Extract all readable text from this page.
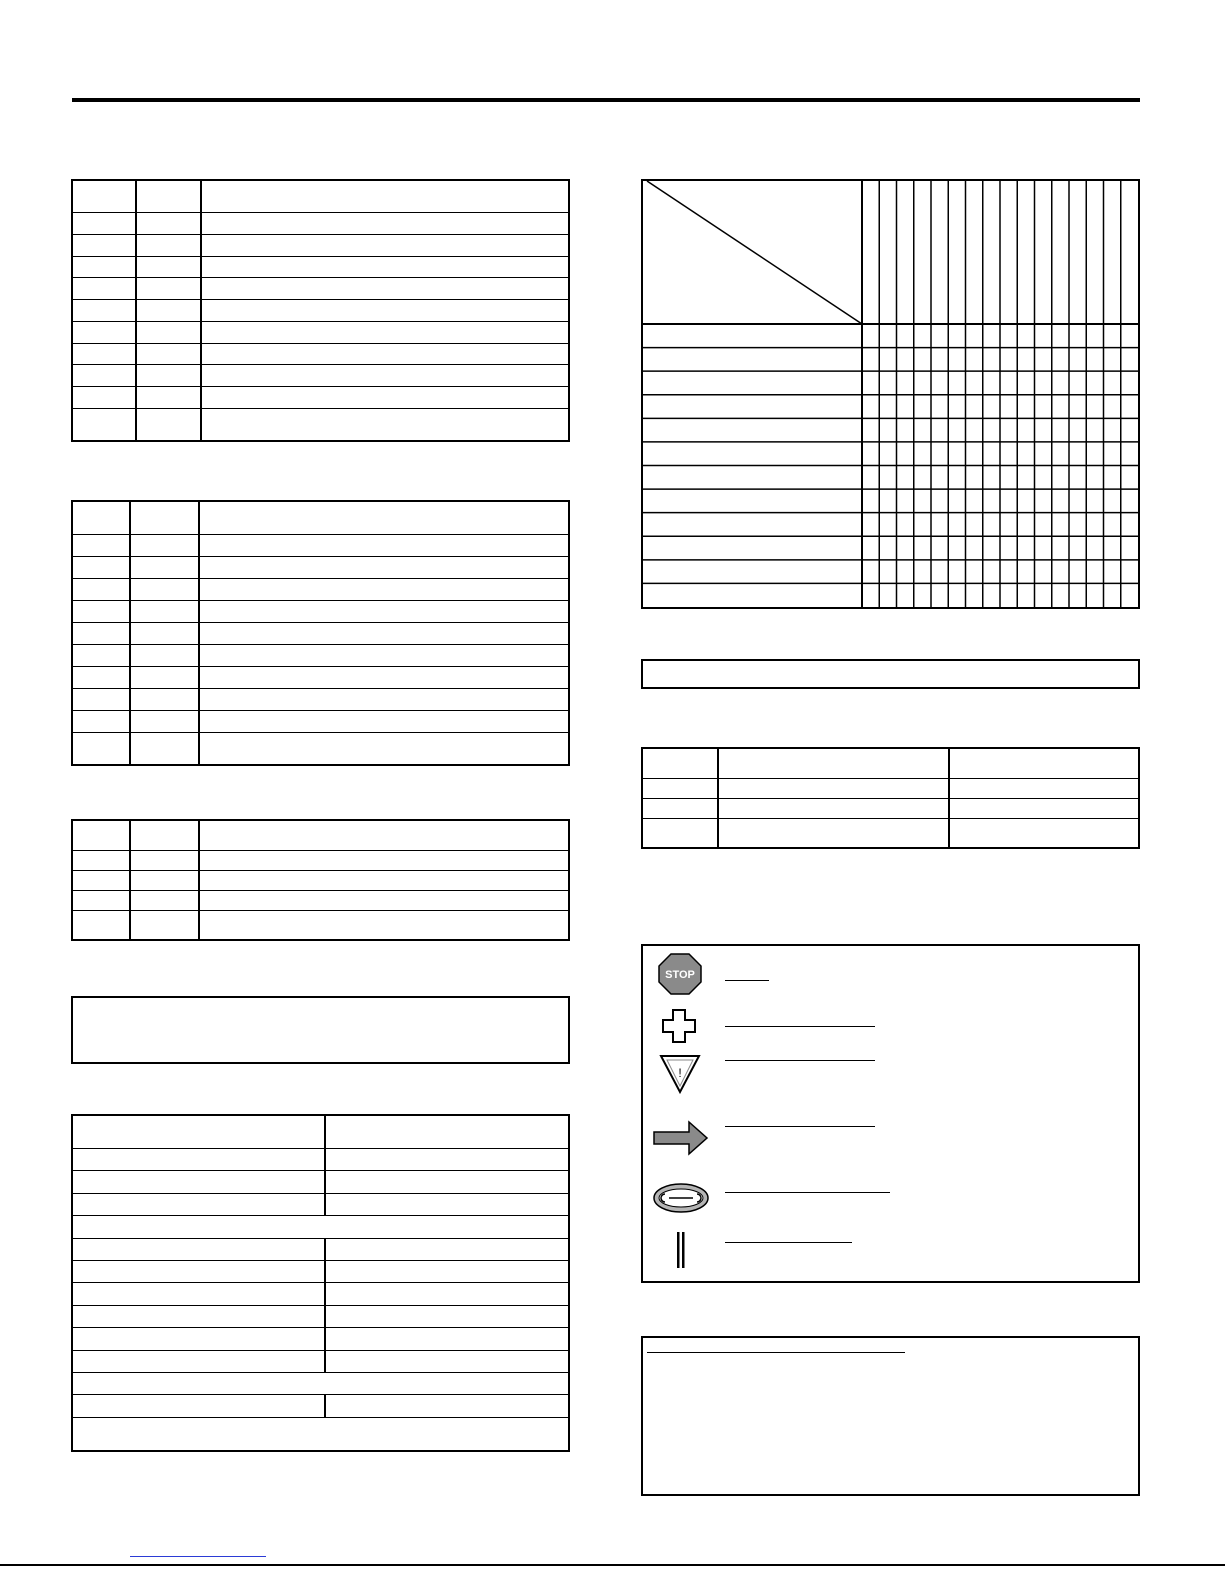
STOP
!
